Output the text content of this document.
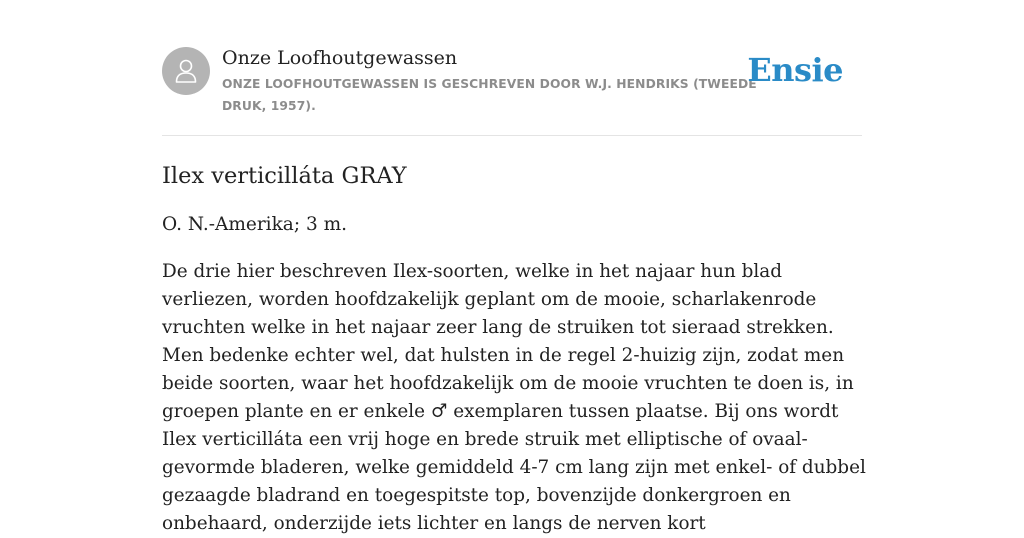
Onze Loofhoutgewassen
ONZE LOOFHOUTGEWASSEN IS GESCHREVEN DOOR W.J. HENDRIKS (TWEEDE DRUK, 1957).
Ensie
Ilex verticilláta GRAY

O. N.-Amerika; 3 m.

De drie hier beschreven Ilex-soorten, welke in het najaar hun blad verliezen, worden hoofdzakelijk geplant om de mooie, scharlakenrode vruchten welke in het najaar zeer lang de struiken tot sieraad strekken. Men bedenke echter wel, dat hulsten in de regel 2-huizig zijn, zodat men beide soorten, waar het hoofdzakelijk om de mooie vruchten te doen is, in groepen plante en er enkele ♂ exemplaren tussen plaatse. Bij ons wordt Ilex verticilláta een vrij hoge en brede struik met elliptische of ovaal-gevormde bladeren, welke gemiddeld 4-7 cm lang zijn met enkel- of dubbel gezaagde bladrand en toegespitste top, bovenzijde donkergroen en onbehaard, onderzijde iets lichter en langs de nerven kort
